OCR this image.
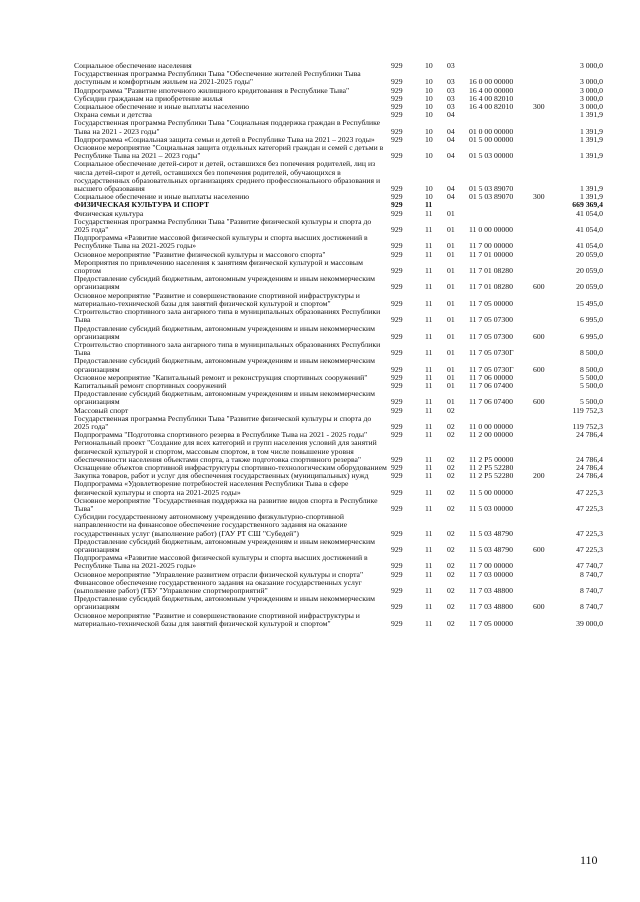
Социальное обеспечение населения	929	10	03	3 000,0
Государственная программа Республики Тыва "Обеспечение жителей Республики Тыва доступным и комфортным жильем на 2021-2025 годы"	929	10	03	16 0 00 00000	3 000,0
Подпрограмма "Развитие ипотечного жилищного кредитования в Республике Тыва"	929	10	03	16 4 00 00000	3 000,0
Субсидии гражданам на приобретение жилья	929	10	03	16 4 00 82010	3 000,0
Социальное обеспечение и иные выплаты населению	929	10	03	16 4 00 82010	300	3 000,0
Охрана семьи и детства	929	10	04	1 391,9
Государственная программа Республики Тыва "Социальная поддержка граждан в Республике Тыва на 2021 - 2023 годы"	929	10	04	01 0 00 00000	1 391,9
Подпрограмма «Социальная защита семьи и детей в Республике Тыва на 2021 – 2023 годы»	929	10	04	01 5 00 00000	1 391,9
Основное мероприятие "Социальная защита отдельных категорий граждан и семей с детьми в Республике Тыва на 2021 – 2023 годы"	929	10	04	01 5 03 00000	1 391,9
Социальное обеспечение детей-сирот и детей, оставшихся без попечения родителей, лиц из числа детей-сирот и детей, оставшихся без попечения родителей, обучающихся в государственных образовательных организациях среднего профессионального образования и высшего образования	929	10	04	01 5 03 89070	1 391,9
Социальное обеспечение и иные выплаты населению	929	10	04	01 5 03 89070	300	1 391,9
ФИЗИЧЕСКАЯ КУЛЬТУРА И СПОРТ	929	11	669 369,4
Физическая культура	929	11	01	41 054,0
Государственная программа Республики Тыва "Развитие физической культуры и спорта до 2025 года"	929	11	01	11 0 00 00000	41 054,0
Подпрограмма «Развитие массовой физической культуры и спорта высших достижений в Республике Тыва на 2021-2025 годы»	929	11	01	11 7 00 00000	41 054,0
Основное мероприятие "Развитие физической культуры и массового спорта"	929	11	01	11 7 01 00000	20 059,0
Мероприятия по привлечению населения к занятиям физической культурой и массовым спортом	929	11	01	11 7 01 08280	20 059,0
Предоставление субсидий бюджетным, автономным учреждениям и иным некоммерческим организациям	929	11	01	11 7 01 08280	600	20 059,0
Основное мероприятие "Развитие и совершенствование спортивной инфраструктуры и материально-технической базы для занятий физической культурой и спортом"	929	11	01	11 7 05 00000	15 495,0
Строительство спортивного зала ангарного типа в муниципальных образованиях Республики Тыва	929	11	01	11 7 05 07300	6 995,0
Предоставление субсидий бюджетным, автономным учреждениям и иным некоммерческим организациям	929	11	01	11 7 05 07300	600	6 995,0
Строительство спортивного зала ангарного типа в муниципальных образованиях Республики Тыва	929	11	01	11 7 05 0730Г	8 500,0
Предоставление субсидий бюджетным, автономным учреждениям и иным некоммерческим организациям	929	11	01	11 7 05 0730Г	600	8 500,0
Основное мероприятие "Капитальный ремонт и реконструкция спортивных сооружений"	929	11	01	11 7 06 00000	5 500,0
Капитальный ремонт спортивных сооружений	929	11	01	11 7 06 07400	5 500,0
Предоставление субсидий бюджетным, автономным учреждениям и иным некоммерческим организациям	929	11	01	11 7 06 07400	600	5 500,0
Массовый спорт	929	11	02	119 752,3
Государственная программа Республики Тыва "Развитие физической культуры и спорта до 2025 года"	929	11	02	11 0 00 00000	119 752,3
Подпрограмма "Подготовка спортивного резерва в Республике Тыва на 2021 - 2025 годы"	929	11	02	11 2 00 00000	24 786,4
Региональный проект "Создание для всех категорий и групп населения условий для занятий физической культурой и спортом, массовым спортом, в том числе повышение уровня обеспеченности населения объектами спорта, а также подготовка спортивного резерва"	929	11	02	11 2 Р5 00000	24 786,4
Оснащение объектов спортивной инфраструктуры спортивно-технологическим оборудованием 929	11	02	11 2 Р5 52280	24 786,4
Закупка товаров, работ и услуг для обеспечения государственных (муниципальных) нужд	929	11	02	11 2 Р5 52280	200	24 786,4
Подпрограмма «Удовлетворение потребностей населения Республики Тыва в сфере физической культуры и спорта на 2021-2025 годы»	929	11	02	11 5 00 00000	47 225,3
Основное мероприятие "Государственная поддержка на развитие видов спорта в Республике Тыва"	929	11	02	11 5 03 00000	47 225,3
Субсидии государственному автономному учреждению физкультурно-спортивной направленности на финансовое обеспечение государственного задания на оказание государственных услуг (выполнение работ) (ГАУ РТ СШ "Субедей")	929	11	02	11 5 03 48790	47 225,3
Предоставление субсидий бюджетным, автономным учреждениям и иным некоммерческим организациям	929	11	02	11 5 03 48790	600	47 225,3
Подпрограмма «Развитие массовой физической культуры и спорта высших достижений в Республике Тыва на 2021-2025 годы»	929	11	02	11 7 00 00000	47 740,7
Основное мероприятие "Управление развитием отрасли физической культуры и спорта"	929	11	02	11 7 03 00000	8 740,7
Финансовое обеспечение государственного задания на оказание государственных услуг (выполнение работ) (ГБУ "Управление спортмероприятий"	929	11	02	11 7 03 48800	8 740,7
Предоставление субсидий бюджетным, автономным учреждениям и иным некоммерческим организациям	929	11	02	11 7 03 48800	600	8 740,7
Основное мероприятие "Развитие и совершенствование спортивной инфраструктуры и материально-технической базы для занятий физической культурой и спортом"	929	11	02	11 7 05 00000	39 000,0
110
